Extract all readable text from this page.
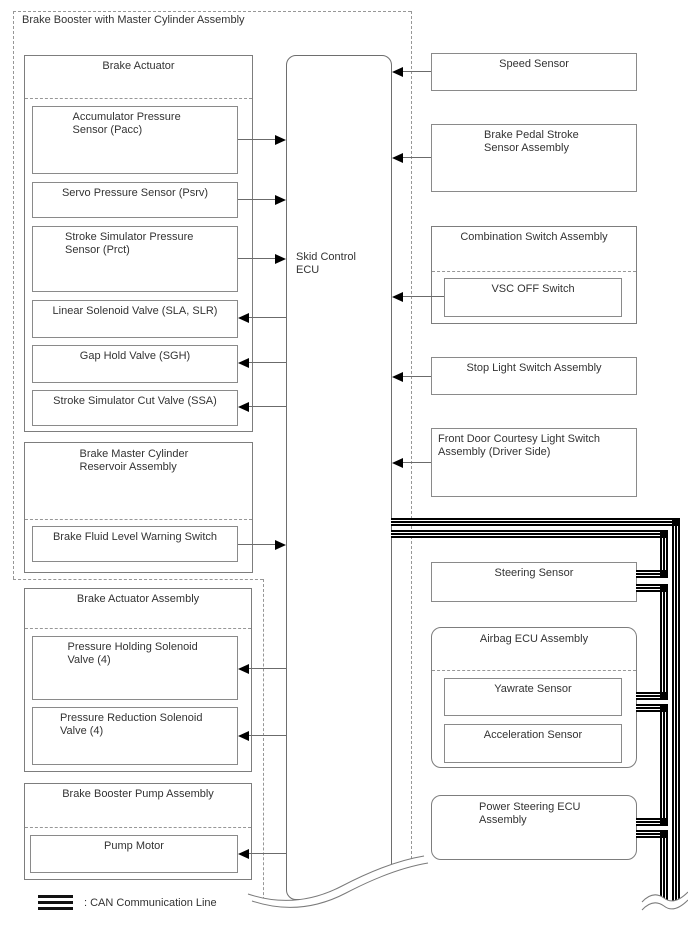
Brake Booster with Master Cylinder Assembly
Brake Actuator
Accumulator Pressure Sensor (Pacc)
Servo Pressure Sensor (Psrv)
Stroke Simulator Pressure Sensor (Prct)
Linear Solenoid Valve (SLA, SLR)
Gap Hold Valve (SGH)
Stroke Simulator Cut Valve (SSA)
Brake Master Cylinder Reservoir Assembly
Brake Fluid Level Warning Switch
Brake Actuator Assembly
Pressure Holding Solenoid Valve (4)
Pressure Reduction Solenoid Valve (4)
Brake Booster Pump Assembly
Pump Motor
Skid Control ECU
Speed Sensor
Brake Pedal Stroke Sensor Assembly
Combination Switch Assembly
VSC OFF Switch
Stop Light Switch Assembly
Front Door Courtesy Light Switch Assembly (Driver Side)
Steering Sensor
Airbag ECU Assembly
Yawrate Sensor
Acceleration Sensor
Power Steering ECU Assembly
: CAN Communication Line
